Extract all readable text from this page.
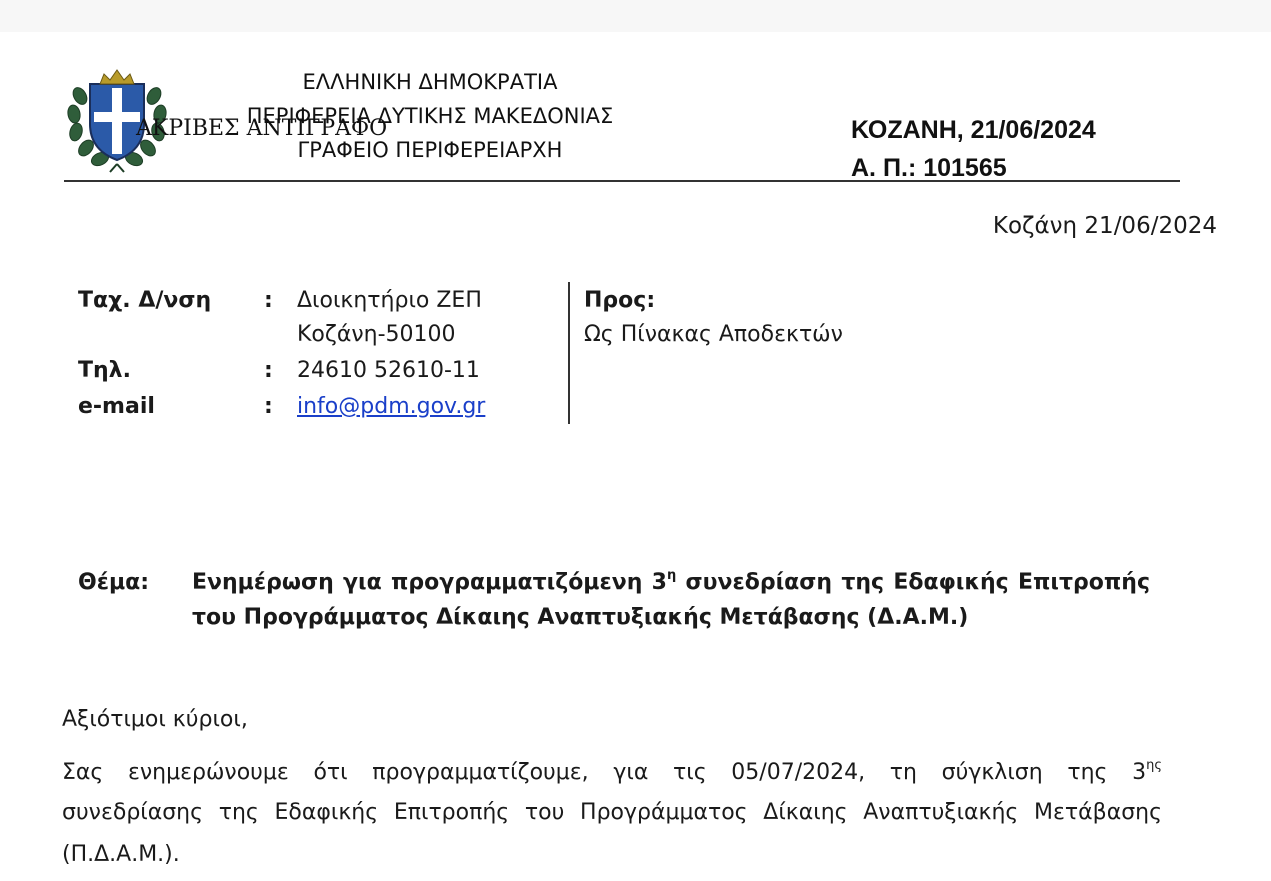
ΕΛΛΗΝΙΚΗ ΔΗΜΟΚΡΑΤΙΑ
ΠΕΡΙΦΕΡΕΙΑ ΔΥΤΙΚΗΣ ΜΑΚΕΔΟΝΙΑΣ
ΓΡΑΦΕΙΟ ΠΕΡΙΦΕΡΕΙΑΡΧΗ
ΑΚΡΙΒΕΣ ΑΝΤΙΓΡΑΦΟ	ΚΟΖΑΝΗ, 21/06/2024
Α. Π.: 101565
Κοζάνη 21/06/2024
Ταχ. Δ/νση : Διοικητήριο ΖΕΠ
Κοζάνη-50100
Τηλ.	: 24610 52610-11
e-mail	: info@pdm.gov.gr
Προς:
Ως Πίνακας Αποδεκτών
Θέμα: Ενημέρωση για προγραμματιζόμενη $3^\eta$ συνεδρίαση της Εδαφικής Επιτροπής
του Προγράμματος Δίκαιης Αναπτυξιακής Μετάβασης (Δ.Α.Μ.)
Αξιότιμοι κύριοι,
Σας ενημερώνουμε ότι προγραμματίζουμε, για τις 05/07/2024, τη σύγκλιση της $3^{\eta\varsigma}$
συνεδρίασης της Εδαφικής Επιτροπής του Προγράμματος Δίκαιης Αναπτυξιακής Μετάβασης
(Π.Δ.Α.Μ.).
